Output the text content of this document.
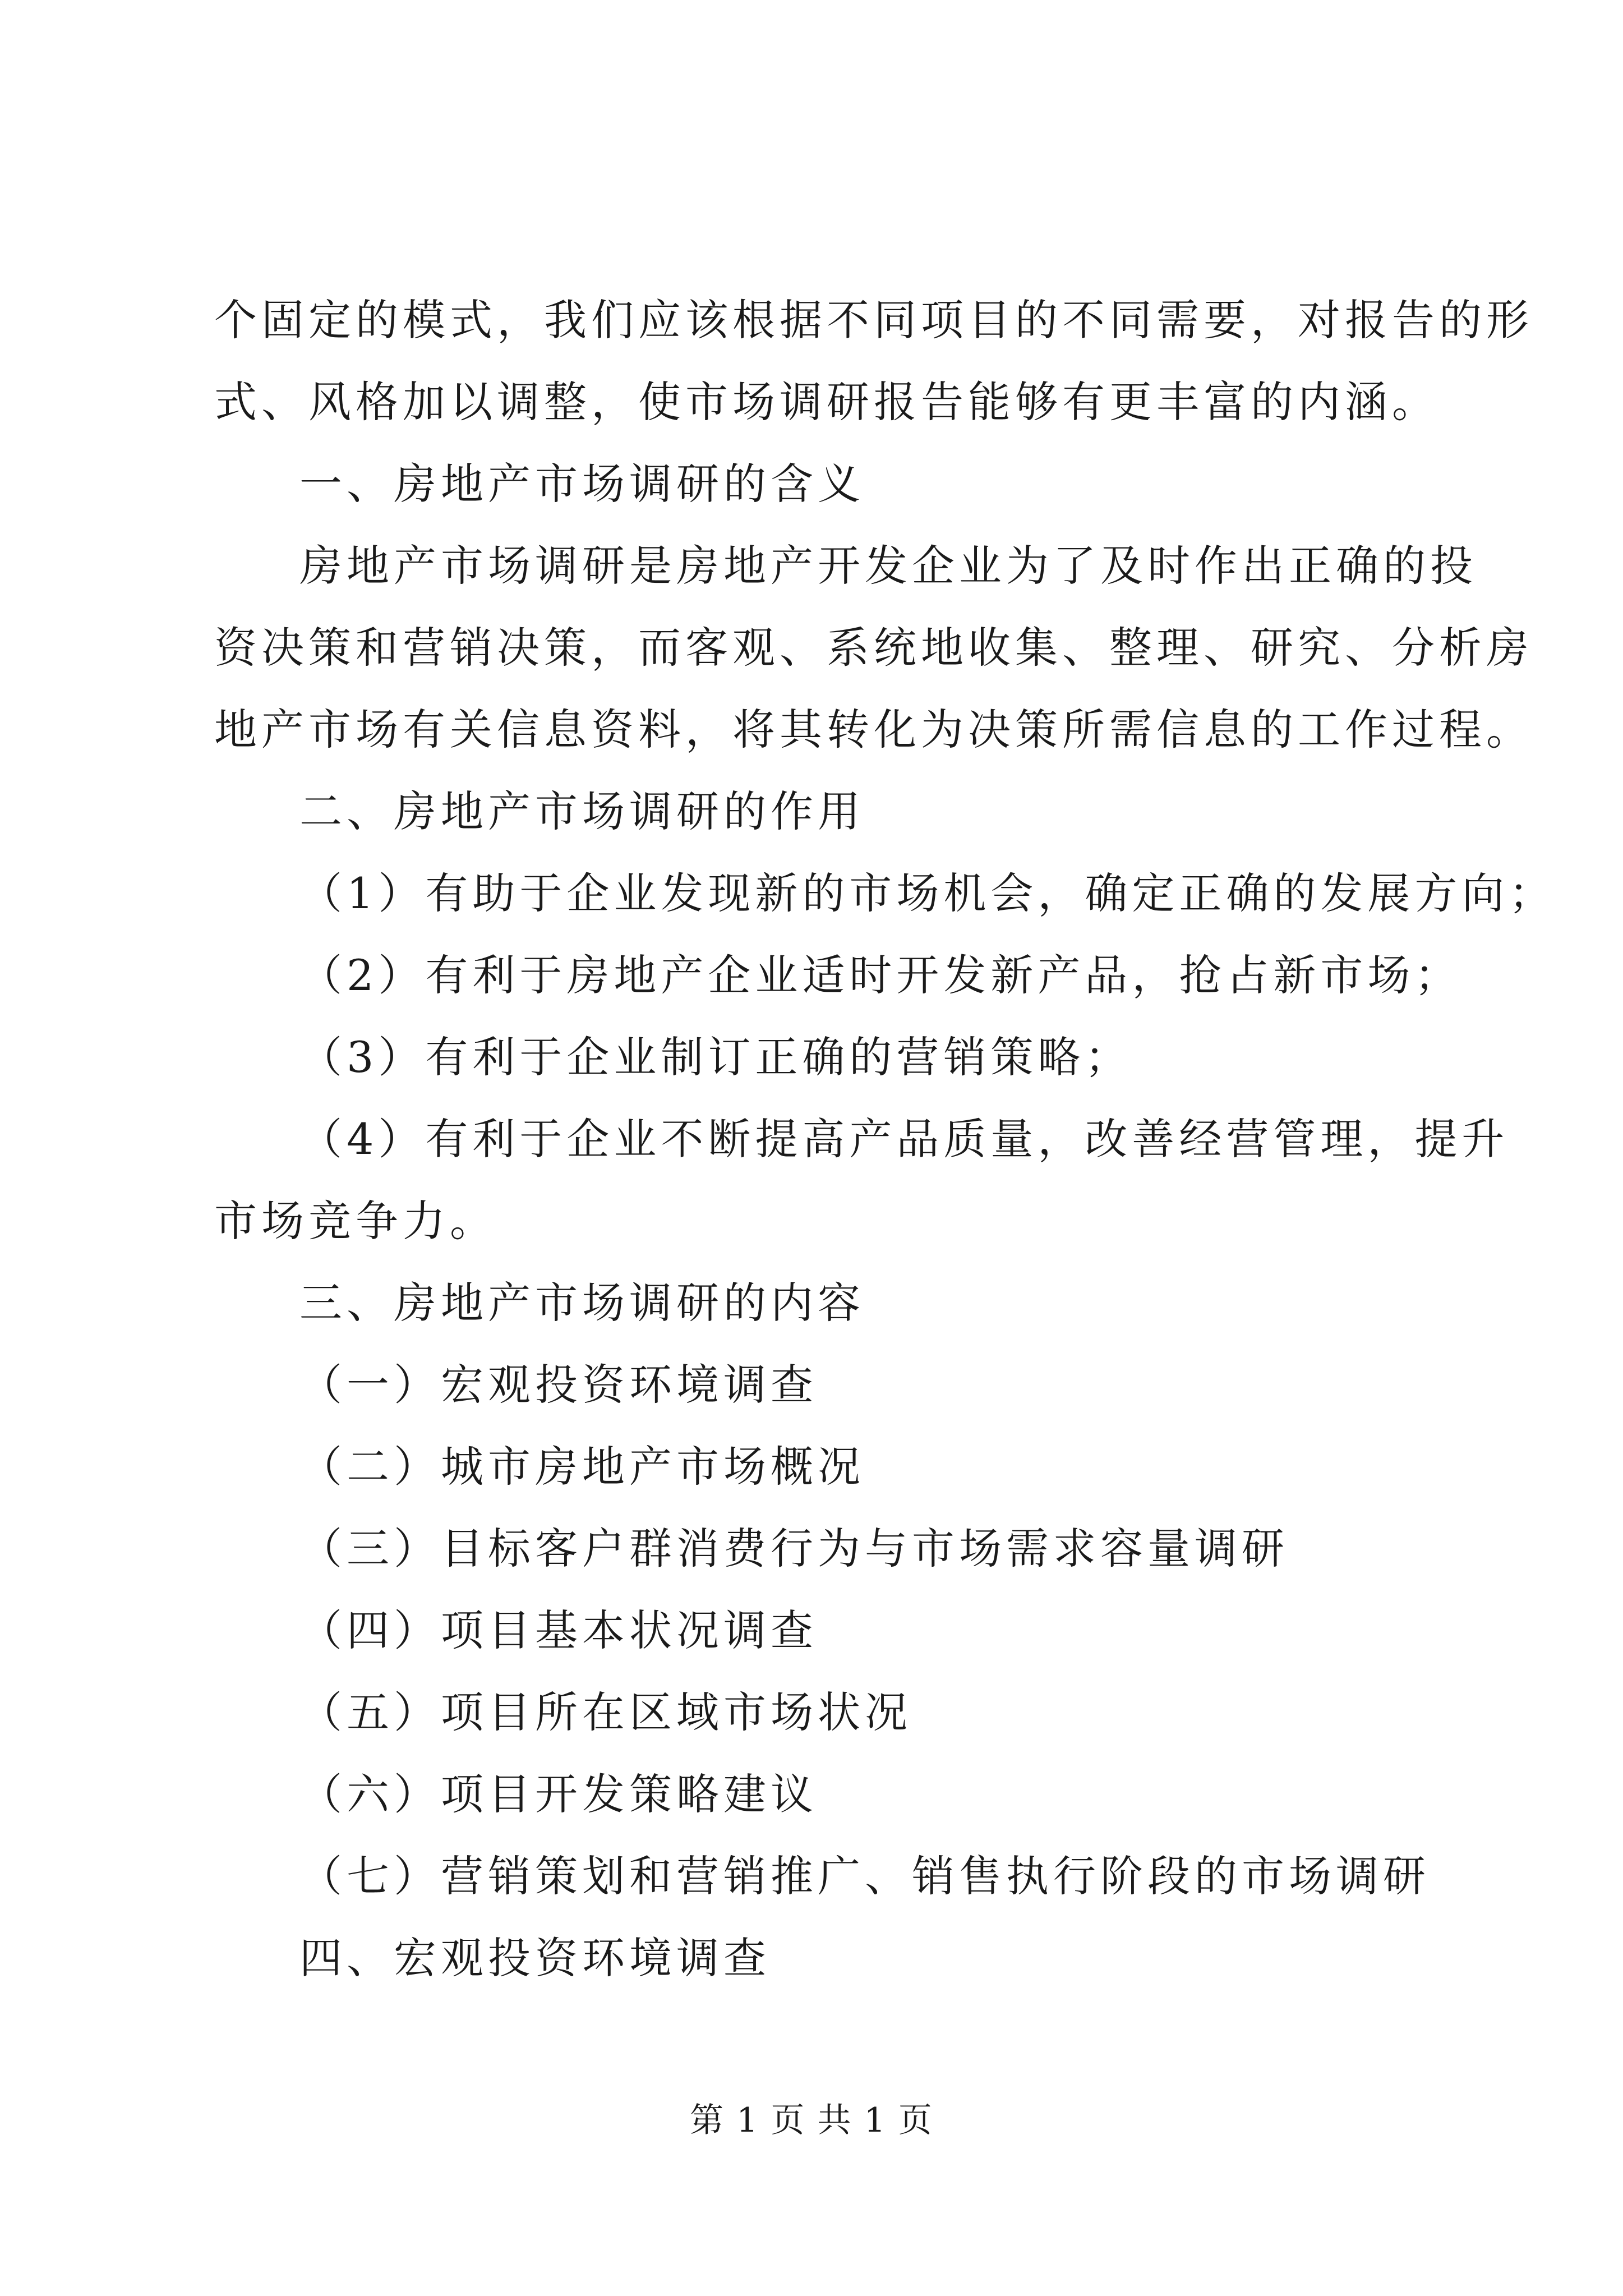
个固定的模式，我们应该根据不同项目的不同需要，对报告的形
式、风格加以调整，使市场调研报告能够有更丰富的内涵。
一、房地产市场调研的含义
房地产市场调研是房地产开发企业为了及时作出正确的投
资决策和营销决策，而客观、系统地收集、整理、研究、分析房
地产市场有关信息资料，将其转化为决策所需信息的工作过程。
二、房地产市场调研的作用
（1）有助于企业发现新的市场机会，确定正确的发展方向；
（2）有利于房地产企业适时开发新产品，抢占新市场；
（3）有利于企业制订正确的营销策略；
（4）有利于企业不断提高产品质量，改善经营管理，提升
市场竞争力。
三、房地产市场调研的内容
（一）宏观投资环境调查
（二）城市房地产市场概况
（三）目标客户群消费行为与市场需求容量调研
（四）项目基本状况调查
（五）项目所在区域市场状况
（六）项目开发策略建议
（七）营销策划和营销推广、销售执行阶段的市场调研
四、宏观投资环境调查
第 1 页 共 1 页
